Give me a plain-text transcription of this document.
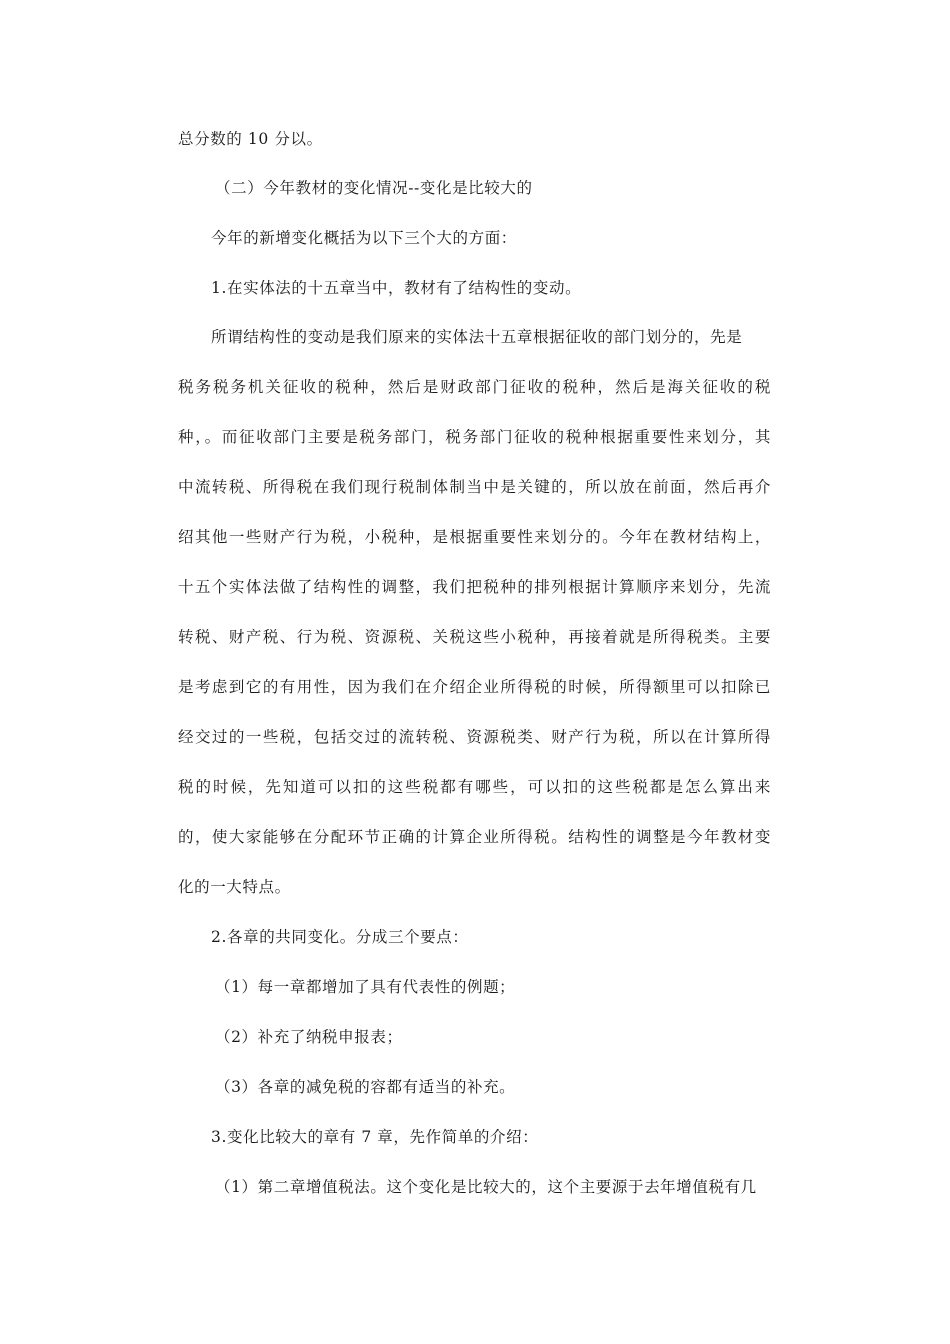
总分数的 10 分以。
（二）今年教材的变化情况--变化是比较大的
今年的新增变化概括为以下三个大的方面：
1.在实体法的十五章当中，教材有了结构性的变动。
所谓结构性的变动是我们原来的实体法十五章根据征收的部门划分的，先是
税务税务机关征收的税种，然后是财政部门征收的税种，然后是海关征收的税
种，。而征收部门主要是税务部门，税务部门征收的税种根据重要性来划分，其
中流转税、所得税在我们现行税制体制当中是关键的，所以放在前面，然后再介
绍其他一些财产行为税，小税种，是根据重要性来划分的。今年在教材结构上，
十五个实体法做了结构性的调整，我们把税种的排列根据计算顺序来划分，先流
转税、财产税、行为税、资源税、关税这些小税种，再接着就是所得税类。主要
是考虑到它的有用性，因为我们在介绍企业所得税的时候，所得额里可以扣除已
经交过的一些税，包括交过的流转税、资源税类、财产行为税，所以在计算所得
税的时候，先知道可以扣的这些税都有哪些，可以扣的这些税都是怎么算出来
的，使大家能够在分配环节正确的计算企业所得税。结构性的调整是今年教材变
化的一大特点。
2.各章的共同变化。分成三个要点：
（1）每一章都增加了具有代表性的例题；
（2）补充了纳税申报表；
（3）各章的减免税的容都有适当的补充。
3.变化比较大的章有 7 章，先作简单的介绍：
（1）第二章增值税法。这个变化是比较大的，这个主要源于去年增值税有几
